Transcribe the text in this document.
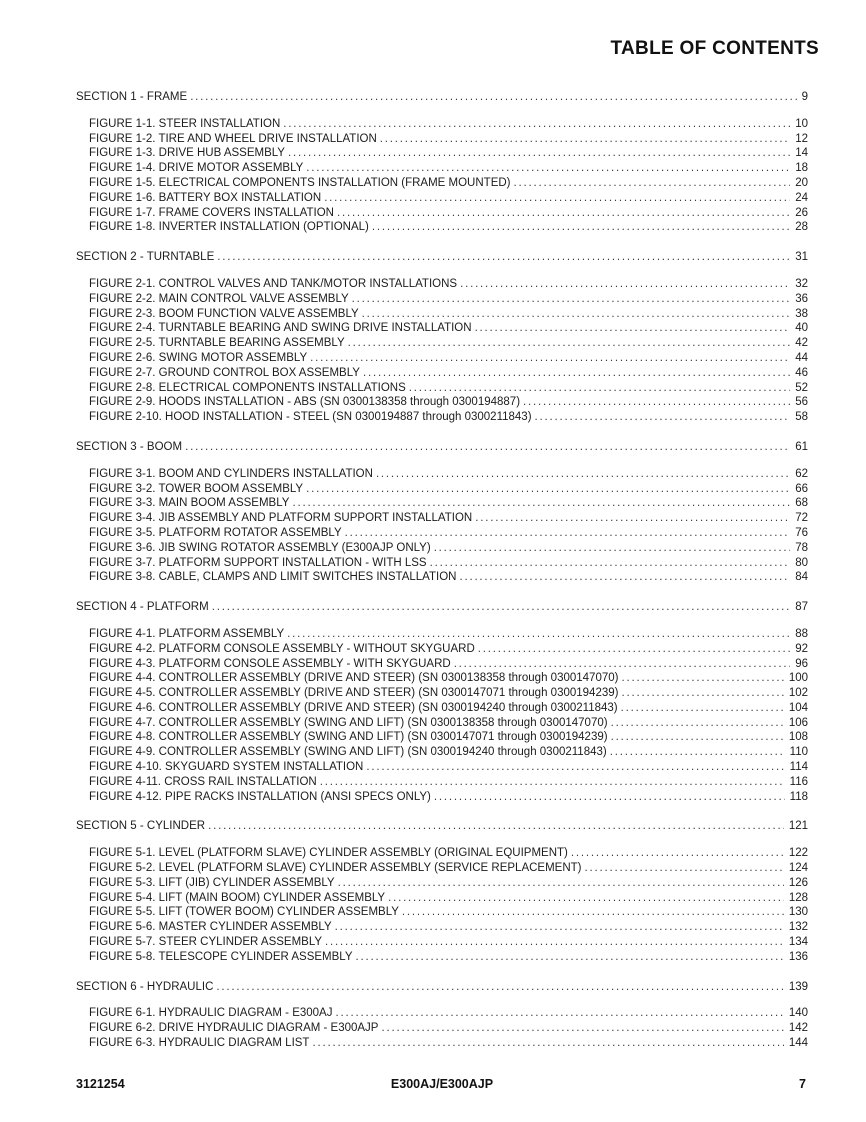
TABLE OF CONTENTS
SECTION 1 - FRAME .....	9
FIGURE 1-1. STEER INSTALLATION .....	10
FIGURE 1-2. TIRE AND WHEEL DRIVE INSTALLATION .....	12
FIGURE 1-3. DRIVE HUB ASSEMBLY .....	14
FIGURE 1-4. DRIVE MOTOR ASSEMBLY .....	18
FIGURE 1-5. ELECTRICAL COMPONENTS INSTALLATION (FRAME MOUNTED) .....	20
FIGURE 1-6. BATTERY BOX INSTALLATION .....	24
FIGURE 1-7. FRAME COVERS INSTALLATION .....	26
FIGURE 1-8. INVERTER INSTALLATION (OPTIONAL) .....	28
SECTION 2 - TURNTABLE .....	31
FIGURE 2-1. CONTROL VALVES AND TANK/MOTOR INSTALLATIONS .....	32
FIGURE 2-2. MAIN CONTROL VALVE ASSEMBLY .....	36
FIGURE 2-3. BOOM FUNCTION VALVE ASSEMBLY .....	38
FIGURE 2-4. TURNTABLE BEARING AND SWING DRIVE INSTALLATION .....	40
FIGURE 2-5. TURNTABLE BEARING ASSEMBLY .....	42
FIGURE 2-6. SWING MOTOR ASSEMBLY .....	44
FIGURE 2-7. GROUND CONTROL BOX ASSEMBLY .....	46
FIGURE 2-8. ELECTRICAL COMPONENTS INSTALLATIONS .....	52
FIGURE 2-9. HOODS INSTALLATION - ABS (SN 0300138358 through 0300194887) .....	56
FIGURE 2-10. HOOD INSTALLATION - STEEL (SN 0300194887 through 0300211843) .....	58
SECTION 3 - BOOM .....	61
FIGURE 3-1. BOOM AND CYLINDERS INSTALLATION .....	62
FIGURE 3-2. TOWER BOOM ASSEMBLY .....	66
FIGURE 3-3. MAIN BOOM ASSEMBLY .....	68
FIGURE 3-4. JIB ASSEMBLY AND PLATFORM SUPPORT INSTALLATION .....	72
FIGURE 3-5. PLATFORM ROTATOR ASSEMBLY .....	76
FIGURE 3-6. JIB SWING ROTATOR ASSEMBLY (E300AJP ONLY) .....	78
FIGURE 3-7. PLATFORM SUPPORT INSTALLATION - WITH LSS .....	80
FIGURE 3-8. CABLE, CLAMPS AND LIMIT SWITCHES INSTALLATION .....	84
SECTION 4 - PLATFORM .....	87
FIGURE 4-1. PLATFORM ASSEMBLY .....	88
FIGURE 4-2. PLATFORM CONSOLE ASSEMBLY - WITHOUT SKYGUARD .....	92
FIGURE 4-3. PLATFORM CONSOLE ASSEMBLY - WITH SKYGUARD .....	96
FIGURE 4-4. CONTROLLER ASSEMBLY (DRIVE AND STEER) (SN 0300138358 through 0300147070) .....	100
FIGURE 4-5. CONTROLLER ASSEMBLY (DRIVE AND STEER) (SN 0300147071 through 0300194239) .....	102
FIGURE 4-6. CONTROLLER ASSEMBLY (DRIVE AND STEER) (SN 0300194240 through 0300211843) .....	104
FIGURE 4-7. CONTROLLER ASSEMBLY (SWING AND LIFT) (SN 0300138358 through 0300147070) .....	106
FIGURE 4-8. CONTROLLER ASSEMBLY (SWING AND LIFT) (SN 0300147071 through 0300194239) .....	108
FIGURE 4-9. CONTROLLER ASSEMBLY (SWING AND LIFT) (SN 0300194240 through 0300211843) .....	110
FIGURE 4-10. SKYGUARD SYSTEM INSTALLATION .....	114
FIGURE 4-11. CROSS RAIL INSTALLATION .....	116
FIGURE 4-12. PIPE RACKS INSTALLATION (ANSI SPECS ONLY) .....	118
SECTION 5 - CYLINDER .....	121
FIGURE 5-1. LEVEL (PLATFORM SLAVE) CYLINDER ASSEMBLY (ORIGINAL EQUIPMENT) .....	122
FIGURE 5-2. LEVEL (PLATFORM SLAVE) CYLINDER ASSEMBLY (SERVICE REPLACEMENT) .....	124
FIGURE 5-3. LIFT (JIB) CYLINDER ASSEMBLY .....	126
FIGURE 5-4. LIFT (MAIN BOOM) CYLINDER ASSEMBLY .....	128
FIGURE 5-5. LIFT (TOWER BOOM) CYLINDER ASSEMBLY .....	130
FIGURE 5-6. MASTER CYLINDER ASSEMBLY .....	132
FIGURE 5-7. STEER CYLINDER ASSEMBLY .....	134
FIGURE 5-8. TELESCOPE CYLINDER ASSEMBLY .....	136
SECTION 6 - HYDRAULIC .....	139
FIGURE 6-1. HYDRAULIC DIAGRAM - E300AJ .....	140
FIGURE 6-2. DRIVE HYDRAULIC DIAGRAM - E300AJP .....	142
FIGURE 6-3. HYDRAULIC DIAGRAM LIST .....	144
3121254	E300AJ/E300AJP	7
